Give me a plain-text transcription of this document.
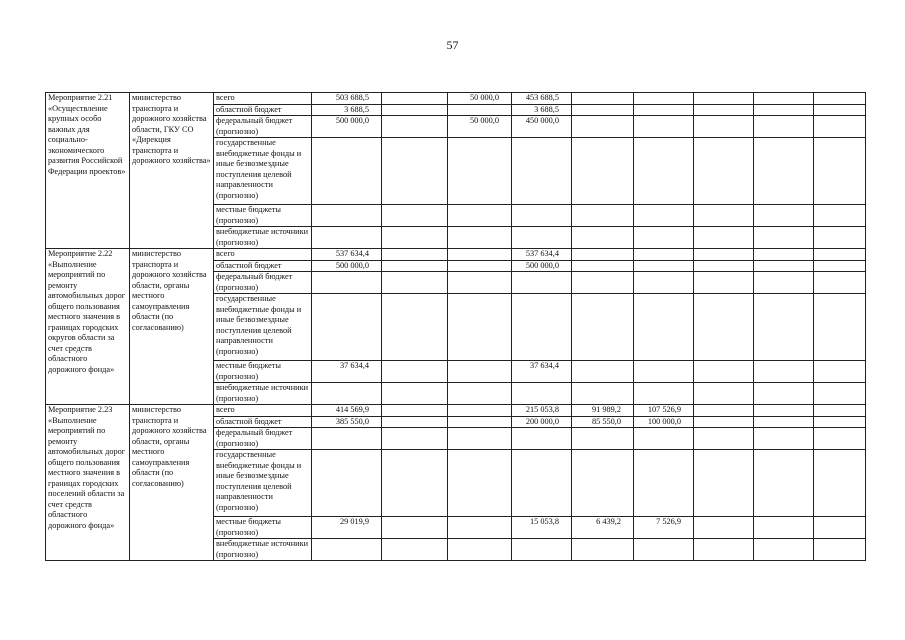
57
Мероприятие 2.21 «Осуществление крупных особо важных для социально-экономического развития Российской Федерации проектов»	министерство транспорта и дорожного хозяйства области, ГКУ СО «Дирекция транспорта и дорожного хозяйства»	всего	503 688,5		50 000,0	453 688,5					
		областной бюджет	3 688,5			3 688,5					
		федеральный бюджет (прогнозно)	500 000,0		50 000,0	450 000,0					
		государственные внебюджетные фонды и иные безвозмездные поступления целевой направленности (прогнозно)									
		местные бюджеты (прогнозно)									
		внебюджетные источники (прогнозно)									
Мероприятие 2.22 «Выполнение мероприятий по ремонту автомобильных дорог общего пользования местного значения в границах городских округов области за счет средств областного дорожного фонда»	министерство транспорта и дорожного хозяйства области, органы местного самоуправления области (по согласованию)	всего	537 634,4			537 634,4					
		областной бюджет	500 000,0			500 000,0					
		федеральный бюджет (прогнозно)									
		государственные внебюджетные фонды и иные безвозмездные поступления целевой направленности (прогнозно)									
		местные бюджеты (прогнозно)	37 634,4			37 634,4					
		внебюджетные источники (прогнозно)									
Мероприятие 2.23 «Выполнение мероприятий по ремонту автомобильных дорог общего пользования местного значения в границах городских поселений области за счет средств областного дорожного фонда»	министерство транспорта и дорожного хозяйства области, органы местного самоуправления области (по согласованию)	всего	414 569,9			215 053,8	91 989,2	107 526,9			
		областной бюджет	385 550,0			200 000,0	85 550,0	100 000,0			
		федеральный бюджет (прогнозно)									
		государственные внебюджетные фонды и иные безвозмездные поступления целевой направленности (прогнозно)									
		местные бюджеты (прогнозно)	29 019,9			15 053,8	6 439,2	7 526,9			
		внебюджетные источники (прогнозно)									
